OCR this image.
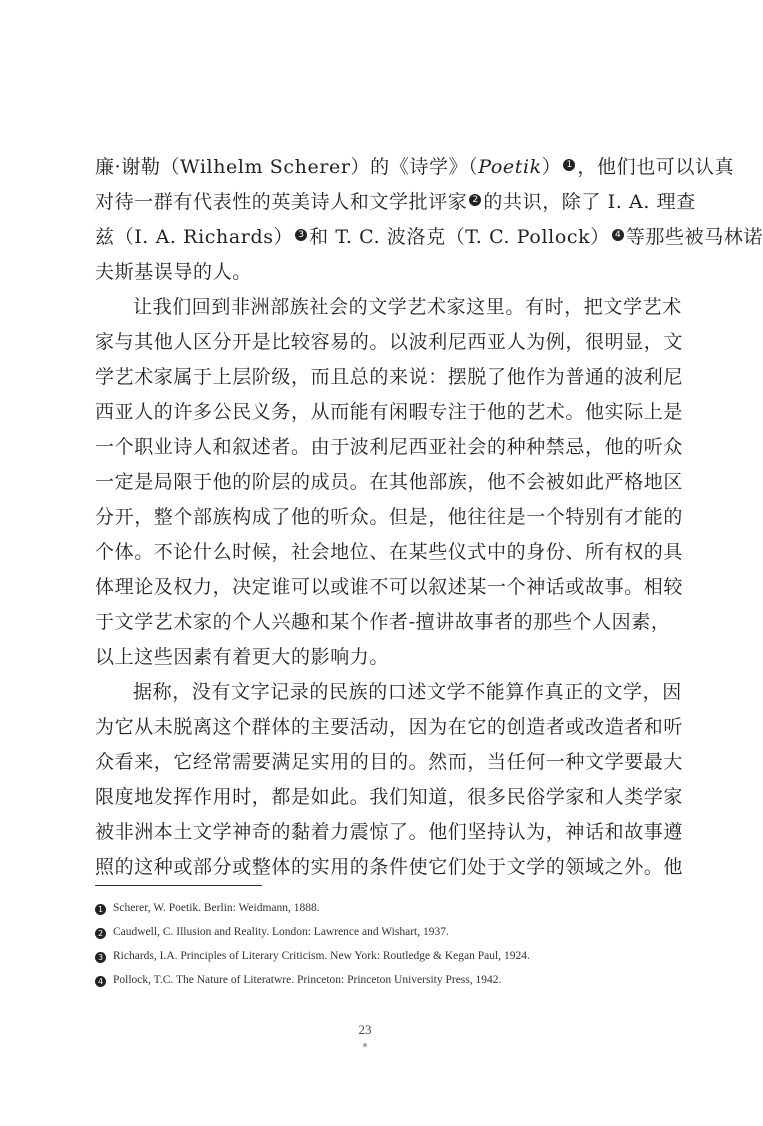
廉·谢勒（Wilhelm Scherer）的《诗学》（Poetik） 1 ，他们也可以认真
对待一群有代表性的英美诗人和文学批评家 2 的共识，除了 I. A. 理查
兹（I. A. Richards） 3 和 T. C. 波洛克（T. C. Pollock） 4 等那些被马林诺
夫斯基误导的人。
让我们回到非洲部族社会的文学艺术家这里。有时，把文学艺术
家与其他人区分开是比较容易的。以波利尼西亚人为例，很明显，文
学艺术家属于上层阶级，而且总的来说：摆脱了他作为普通的波利尼
西亚人的许多公民义务，从而能有闲暇专注于他的艺术。他实际上是
一个职业诗人和叙述者。由于波利尼西亚社会的种种禁忌，他的听众
一定是局限于他的阶层的成员。在其他部族，他不会被如此严格地区
分开，整个部族构成了他的听众。但是，他往往是一个特别有才能的
个体。不论什么时候，社会地位、在某些仪式中的身份、所有权的具
体理论及权力，决定谁可以或谁不可以叙述某一个神话或故事。相较
于文学艺术家的个人兴趣和某个作者-擅讲故事者的那些个人因素，
以上这些因素有着更大的影响力。
据称，没有文字记录的民族的口述文学不能算作真正的文学，因
为它从未脱离这个群体的主要活动，因为在它的创造者或改造者和听
众看来，它经常需要满足实用的目的。然而，当任何一种文学要最大
限度地发挥作用时，都是如此。我们知道，很多民俗学家和人类学家
被非洲本土文学神奇的黏着力震惊了。他们坚持认为，神话和故事遵
照的这种或部分或整体的实用的条件使它们处于文学的领域之外。他
1 Scherer, W. Poetik. Berlin: Weidmann, 1888.
2 Caudwell, C. Illusion and Reality. London: Lawrence and Wishart, 1937.
3 Richards, I.A. Principles of Literary Criticism. New York: Routledge & Kegan Paul, 1924.
4 Pollock, T.C. The Nature of Literatwre. Princeton: Princeton University Press, 1942.
23
